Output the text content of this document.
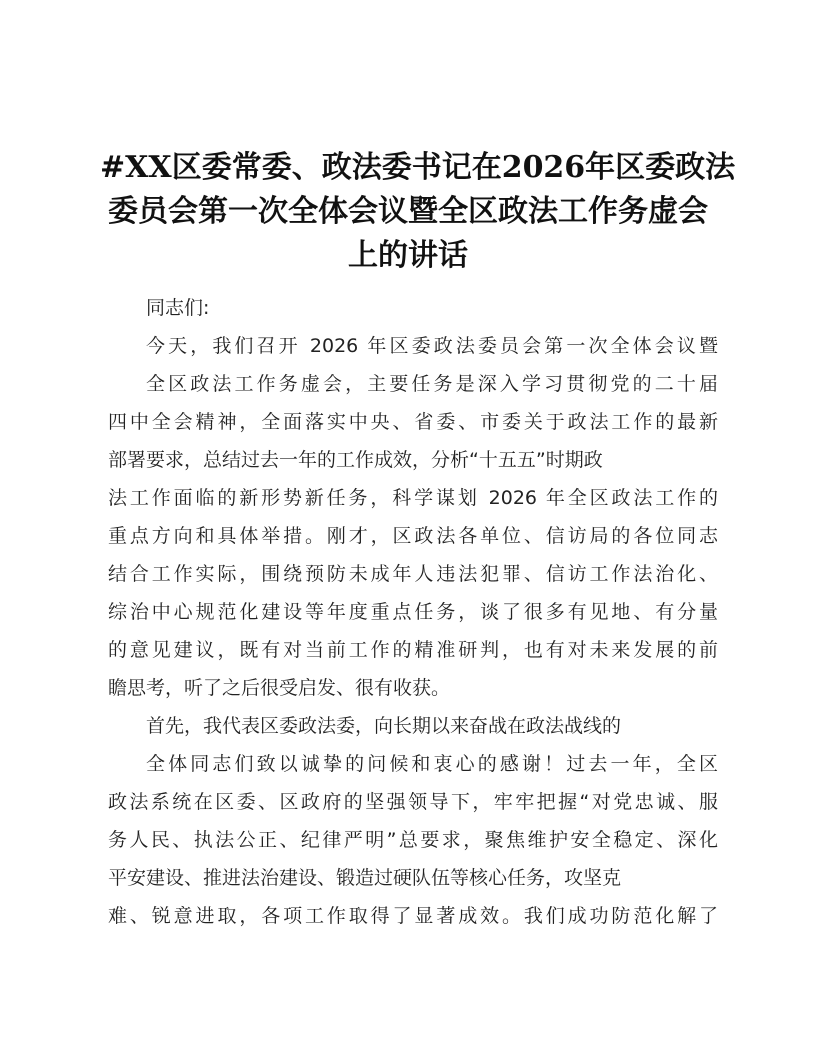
#XX区委常委、政法委书记在2026年区委政法
委员会第一次全体会议暨全区政法工作务虚会
上的讲话
同志们:
今天，我们召开 2026 年区委政法委员会第一次全体会议暨
全区政法工作务虚会，主要任务是深入学习贯彻党的二十届
四中全会精神，全面落实中央、省委、市委关于政法工作的最新
部署要求，总结过去一年的工作成效，分析“十五五”时期政
法工作面临的新形势新任务，科学谋划 2026 年全区政法工作的
重点方向和具体举措。刚才，区政法各单位、信访局的各位同志
结合工作实际，围绕预防未成年人违法犯罪、信访工作法治化、
综治中心规范化建设等年度重点任务，谈了很多有见地、有分量
的意见建议，既有对当前工作的精准研判，也有对未来发展的前
瞻思考，听了之后很受启发、很有收获。
首先，我代表区委政法委，向长期以来奋战在政法战线的
全体同志们致以诚挚的问候和衷心的感谢！过去一年，全区
政法系统在区委、区政府的坚强领导下，牢牢把握“对党忠诚、服
务人民、执法公正、纪律严明”总要求，聚焦维护安全稳定、深化
平安建设、推进法治建设、锻造过硬队伍等核心任务，攻坚克
难、锐意进取，各项工作取得了显著成效。我们成功防范化解了
